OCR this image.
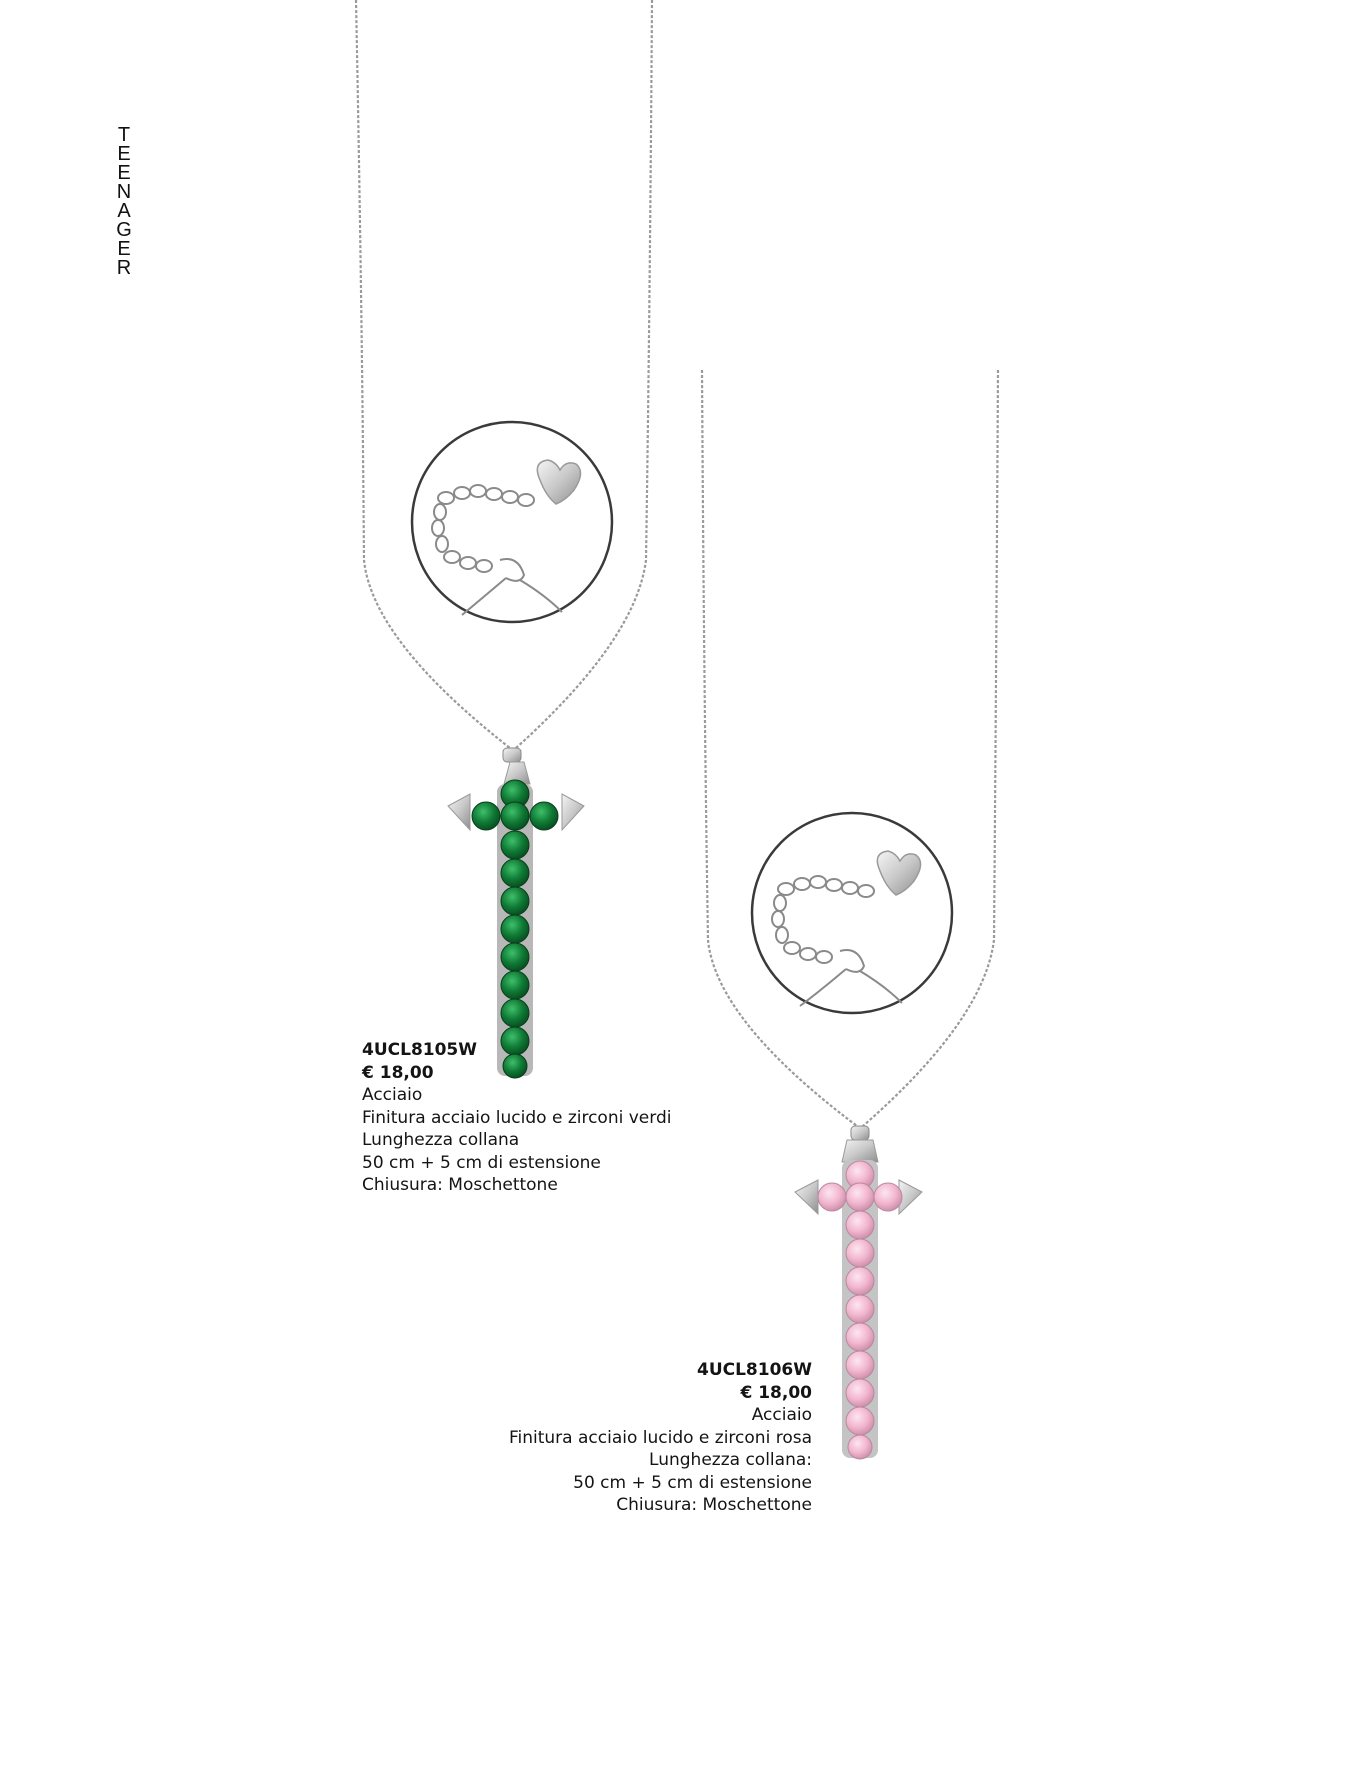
T
E
E
N
A
G
E
R
4UCL8105W
€ 18,00
Acciaio
Finitura acciaio lucido e zirconi verdi
Lunghezza collana
50 cm + 5 cm di estensione
Chiusura: Moschettone
4UCL8106W
€ 18,00
Acciaio
Finitura acciaio lucido e zirconi rosa
Lunghezza collana:
50 cm + 5 cm di estensione
Chiusura: Moschettone
